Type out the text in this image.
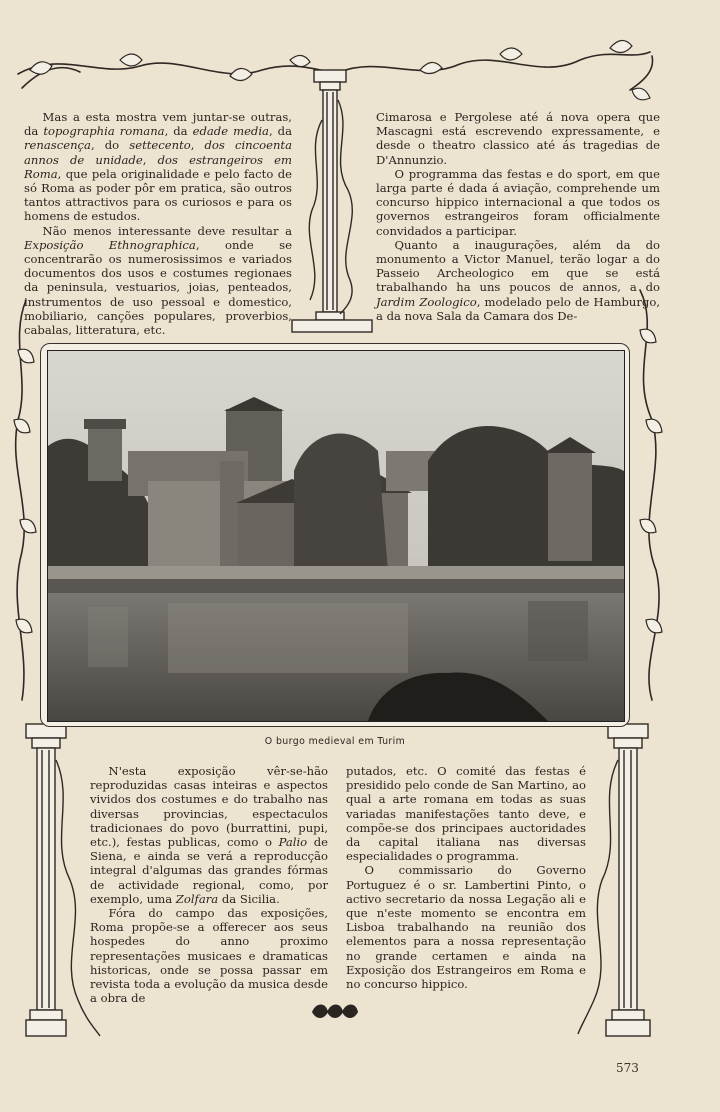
Mas a esta mostra vem juntar-se outras, da topographia romana, da edade media, da renascença, do settecento, dos cincoenta annos de unidade, dos estrangeiros em Roma, que pela originalidade e pelo facto de só Roma as poder pôr em pratica, são outros tantos attractivos para os curiosos e para os homens de estudos.

Não menos interessante deve resultar a Exposição Ethnographica, onde se concentrarão os numerosissimos e variados documentos dos usos e costumes regionaes da peninsula, vestuarios, joias, penteados, instrumentos de uso pessoal e domestico, mobiliario, canções populares, proverbios, cabalas, litteratura, etc.

Cimarosa e Pergolese até á nova opera que Mascagni está escrevendo expressamente, e desde o theatro classico até ás tragedias de D'Annunzio.

O programma das festas e do sport, em que larga parte é dada á aviação, comprehende um concurso hippico internacional a que todos os governos estrangeiros foram officialmente convidados a participar.

Quanto a inaugurações, além da do monumento a Victor Manuel, terão logar a do Passeio Archeologico em que se está trabalhando ha uns poucos de annos, a do Jardim Zoologico, modelado pelo de Hamburgo, a da nova Sala da Camara dos De-

O burgo medieval em Turim

N'esta exposição vêr-se-hão reproduzidas casas inteiras e aspectos vividos dos costumes e do trabalho nas diversas provincias, espectaculos tradicionaes do povo (burrattini, pupi, etc.), festas publicas, como o Palio de Siena, e ainda se verá a reproducção integral d'algumas das grandes fórmas de actividade regional, como, por exemplo, uma Zolfara da Sicilia.

Fóra do campo das exposições, Roma propõe-se a offerecer aos seus hospedes do anno proximo representações musicaes e dramaticas historicas, onde se possa passar em revista toda a evolução da musica desde a obra de

putados, etc. O comité das festas é presidido pelo conde de San Martino, ao qual a arte romana em todas as suas variadas manifestações tanto deve, e compõe-se dos principaes auctoridades da capital italiana nas diversas especialidades o programma.

O commissario do Governo Portuguez é o sr. Lambertini Pinto, o activo secretario da nossa Legação ali e que n'este momento se encontra em Lisboa trabalhando na reunião dos elementos para a nossa representação no grande certamen e ainda na Exposição dos Estrangeiros em Roma e no concurso hippico.

573
